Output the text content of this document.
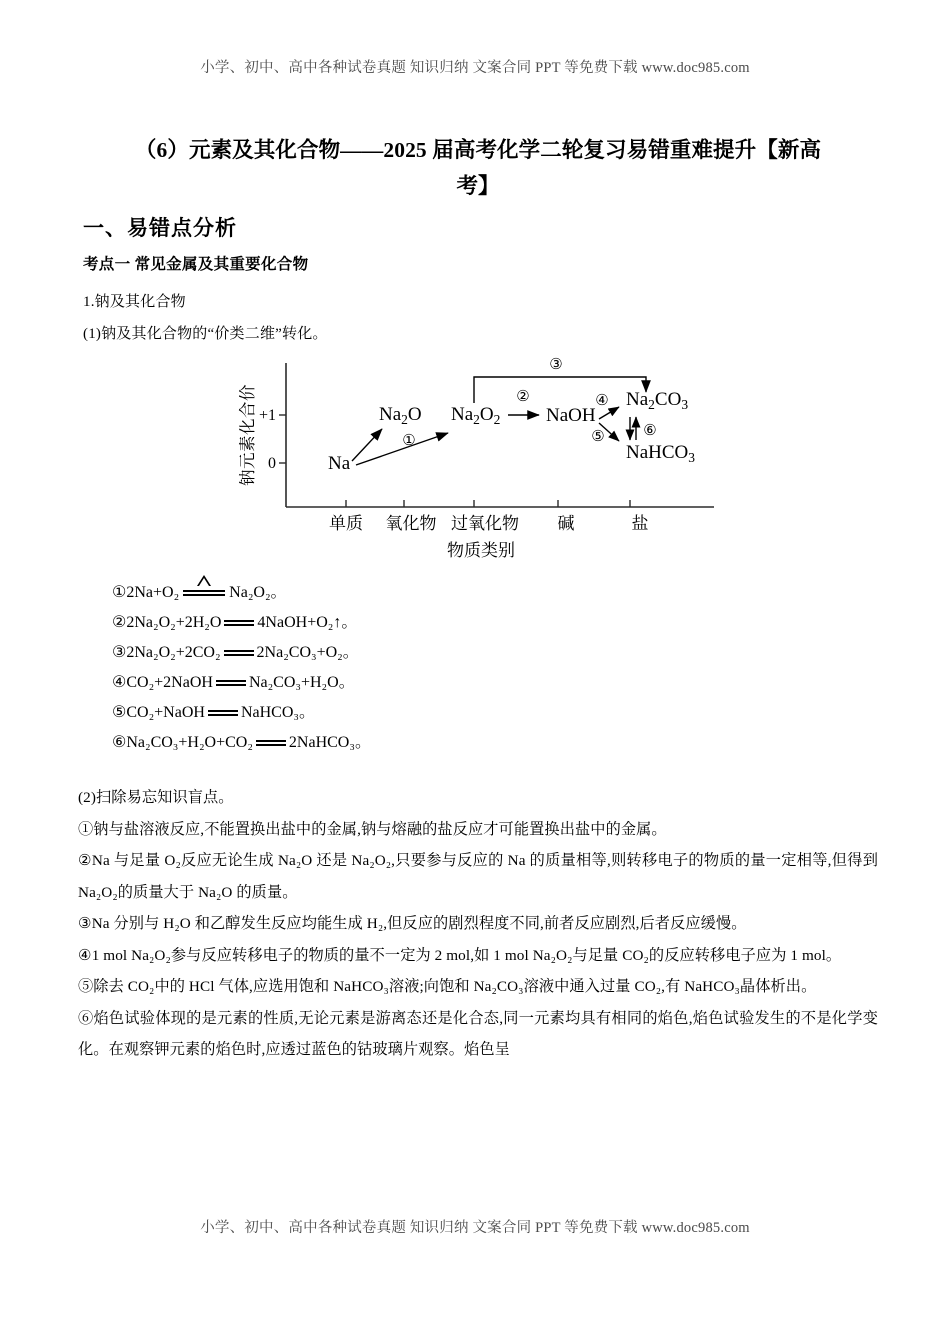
小学、初中、高中各种试卷真题 知识归纳 文案合同 PPT 等免费下载 www.doc985.com
（6）元素及其化合物——2025 届高考化学二轮复习易错重难提升【新高
考】
一、易错点分析
考点一 常见金属及其重要化合物
1.钠及其化合物
(1)钠及其化合物的“价类二维”转化。
+1
0
钠元素化合价
单质 氧化物 过氧化物 碱	盐
物质类别
Na
$Na_2O$ $Na_2O_2$ NaOH
$Na_2CO_3$
NaHCO$_3$
①
②
③
④
⑤	⑥
①2Na+O₂	Na₂O₂。
②2Na₂O₂+2H₂O 4NaOH+O₂↑。
③2Na₂O₂+2CO₂ 2Na₂CO₃+O₂。
④CO₂+2NaOH Na₂CO₃+H₂O。
⑤CO₂+NaOH NaHCO₃。
⑥Na₂CO₃+H₂O+CO₂ 2NaHCO₃。

(2)扫除易忘知识盲点。

①钠与盐溶液反应,不能置换出盐中的金属,钠与熔融的盐反应才可能置换出盐中的金属。

②Na 与足量 O₂反应无论生成 Na₂O 还是 Na₂O₂,只要参与反应的 Na 的质量相等,则转移电子的物质的量一定相等,但得到 Na₂O₂的质量大于 Na₂O 的质量。

③Na 分别与 H₂O 和乙醇发生反应均能生成 H₂,但反应的剧烈程度不同,前者反应剧烈,后者反应缓慢。

④1 mol Na₂O₂参与反应转移电子的物质的量不一定为 2 mol,如 1 mol Na₂O₂与足量 CO₂的反应转移电子应为 1 mol。

⑤除去 CO₂中的 HCl 气体,应选用饱和 NaHCO₃溶液;向饱和 Na₂CO₃溶液中通入过量 CO₂,有 NaHCO₃晶体析出。

⑥焰色试验体现的是元素的性质,无论元素是游离态还是化合态,同一元素均具有相同的焰色,焰色试验发生的不是化学变化。在观察钾元素的焰色时,应透过蓝色的钴玻璃片观察。焰色呈

小学、初中、高中各种试卷真题 知识归纳 文案合同 PPT 等免费下载 www.doc985.com
